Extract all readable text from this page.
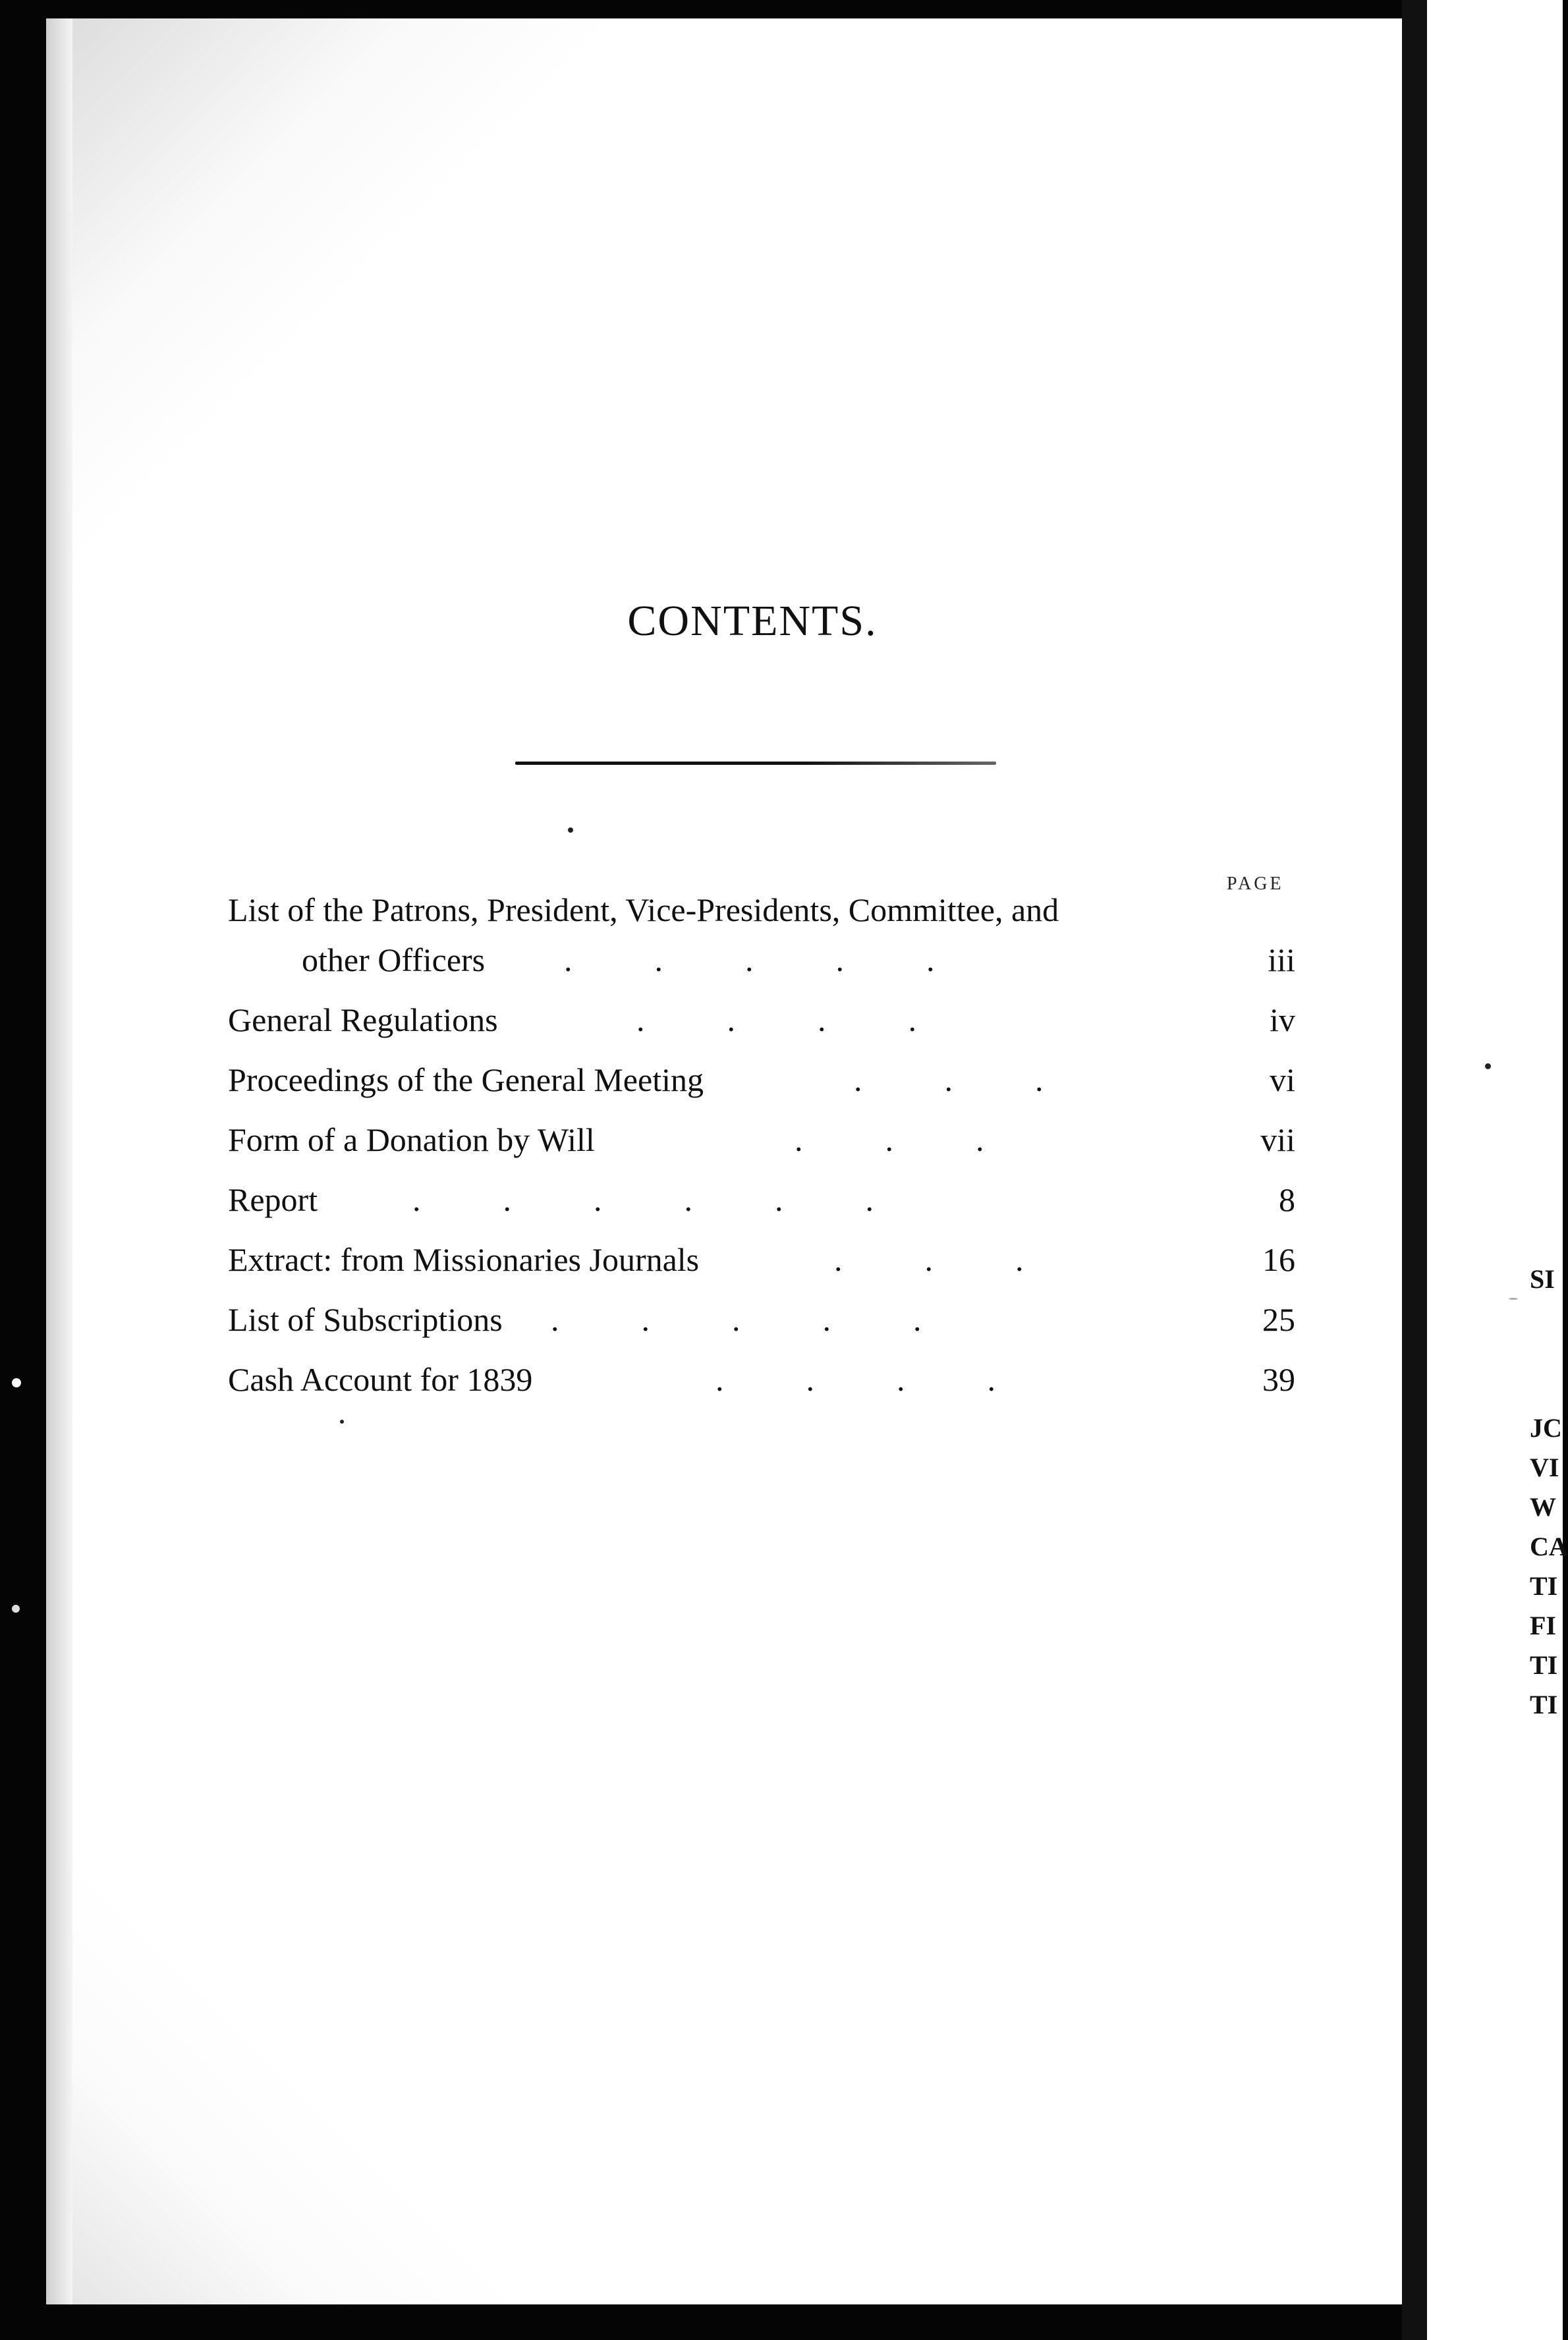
CONTENTS.
PAGE
List of the Patrons, President, Vice-Presidents, Committee, and
other Officers .          .          .          .          .	iii
General Regulations	.          .          .          .	iv
Proceedings of the General Meeting	.          .          .	vi
Form of a Donation by Will	.          .          .	vii
Report	.          .          .          .          .          .	8
Extract: from Missionaries Journals	.          .          .	16
List of Subscriptions .          .          .          .          .	25
Cash Account for 1839	.          .          .          .	39
SI
JC
VI
W
CA
TI
FI
TI
TI
